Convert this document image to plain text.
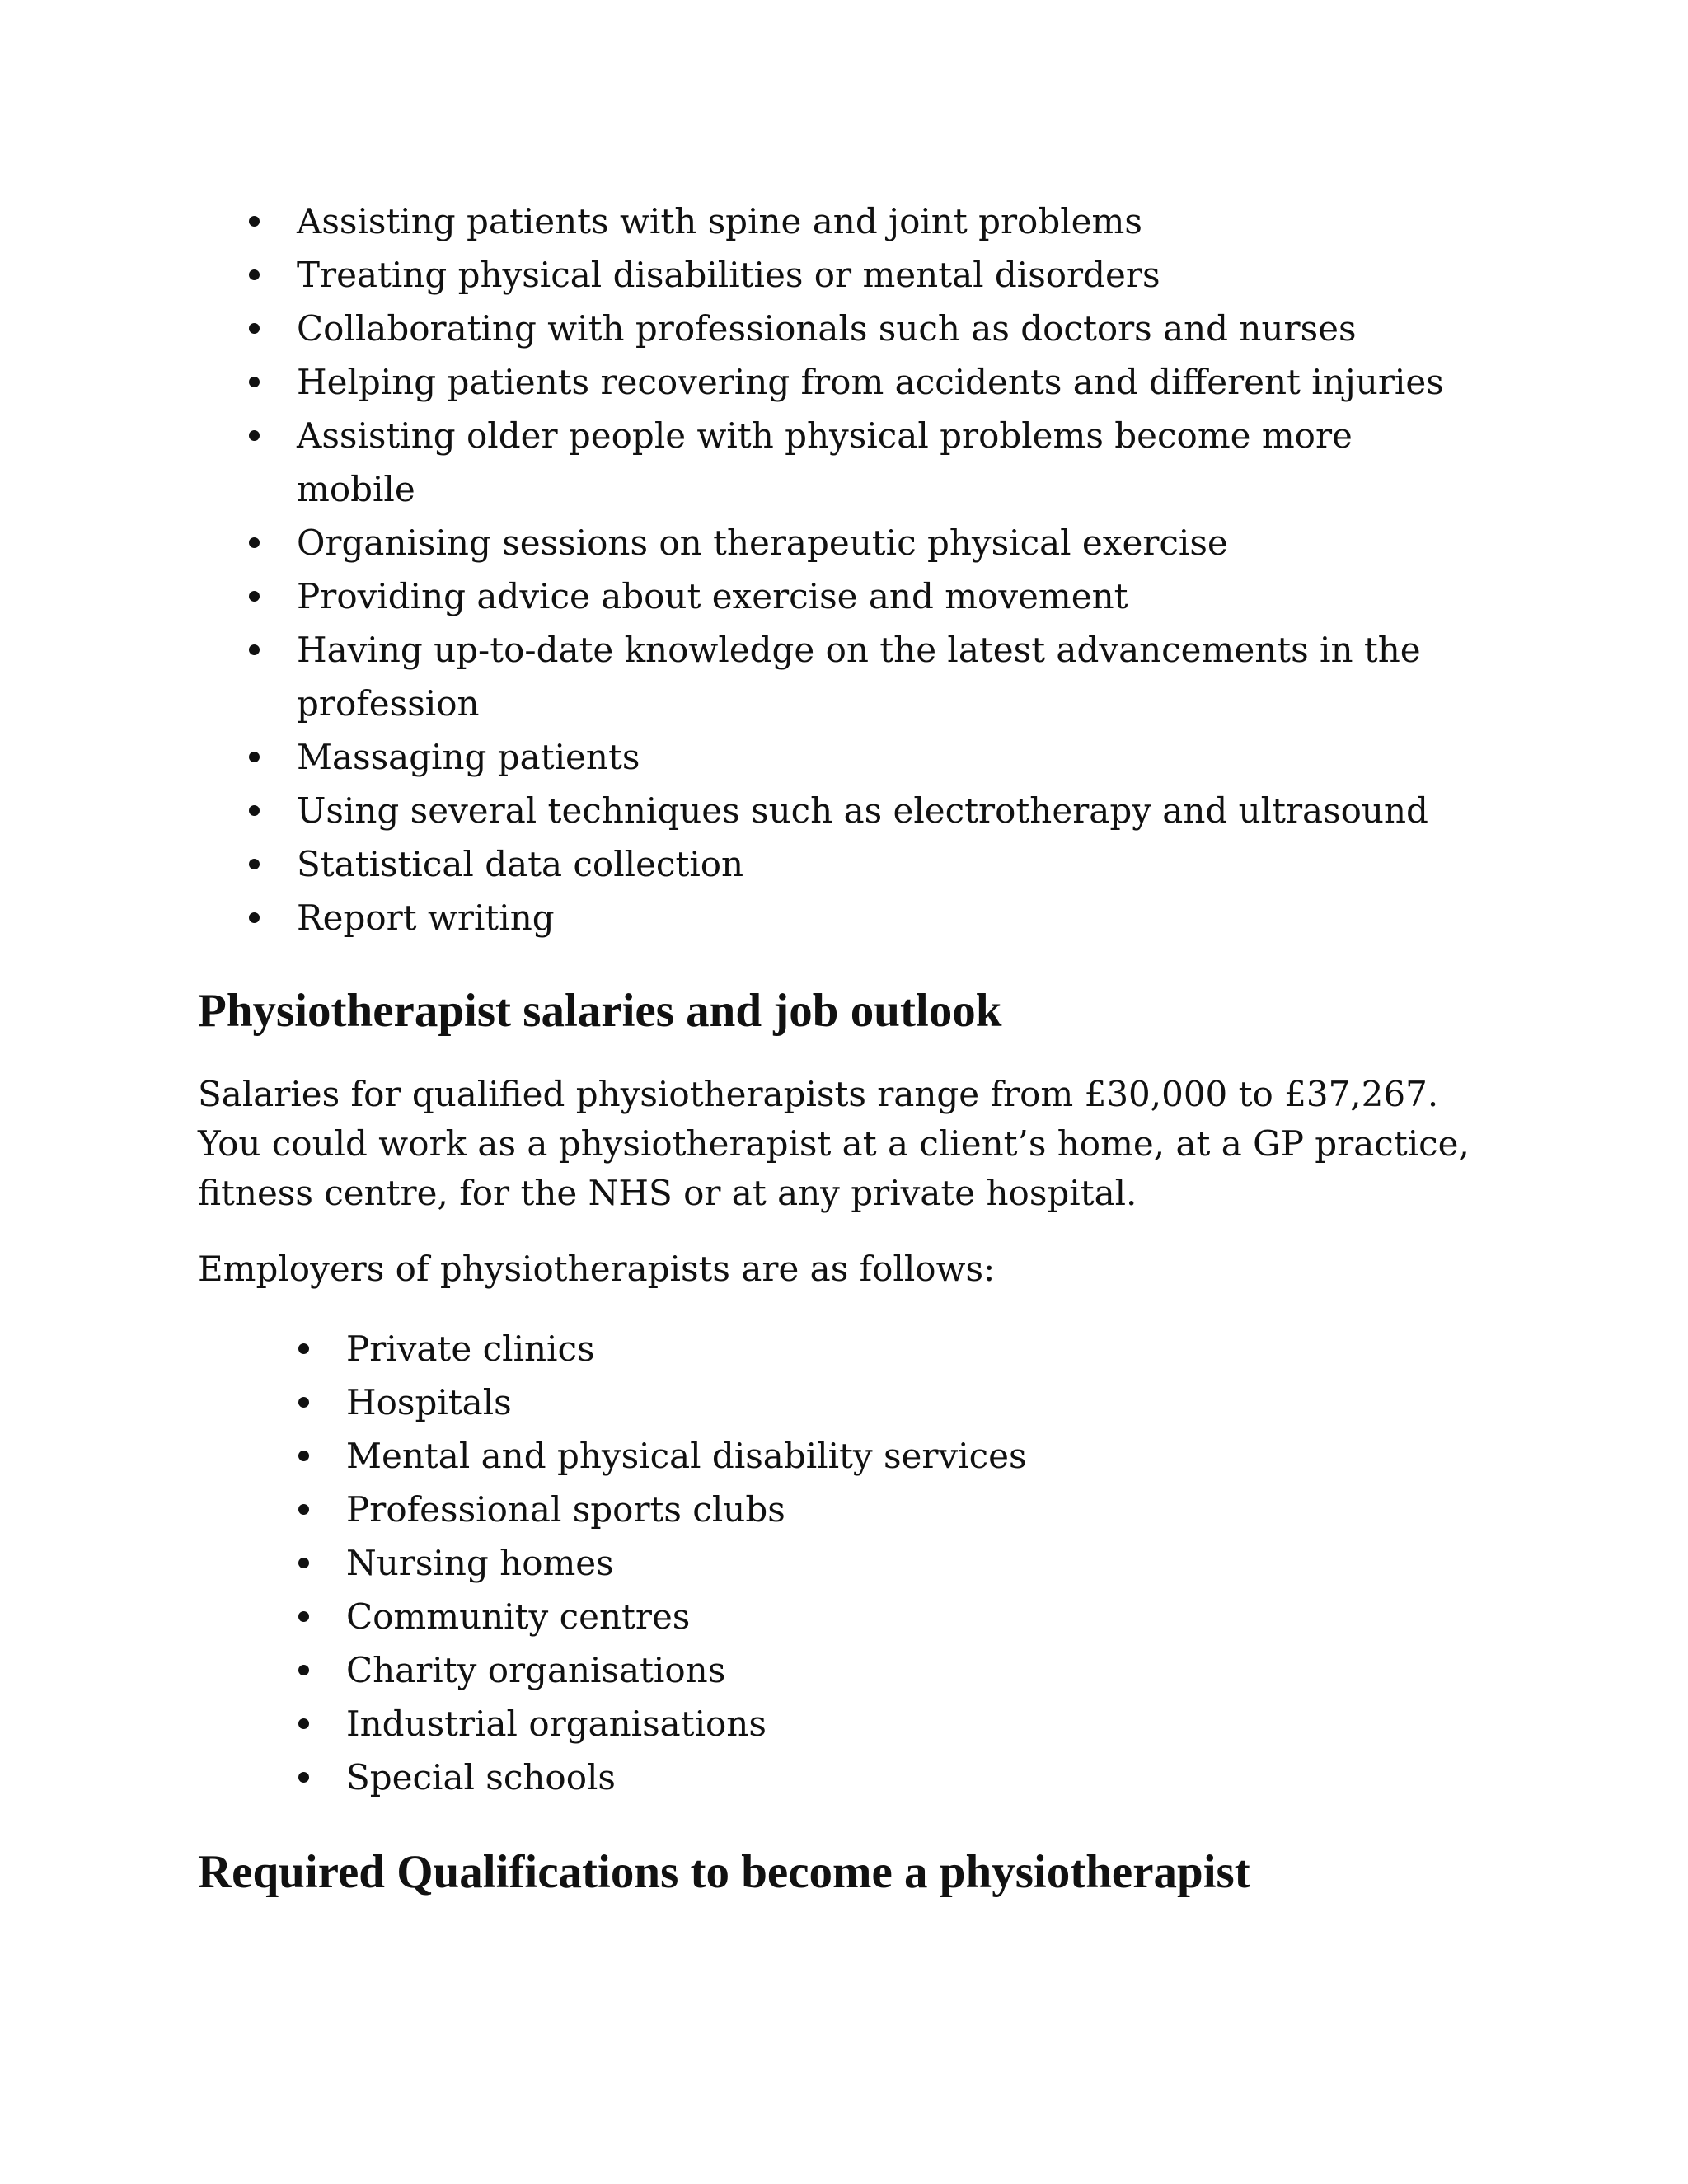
Assisting patients with spine and joint problems
Treating physical disabilities or mental disorders
Collaborating with professionals such as doctors and nurses
Helping patients recovering from accidents and different injuries
Assisting older people with physical problems become more mobile
Organising sessions on therapeutic physical exercise
Providing advice about exercise and movement
Having up-to-date knowledge on the latest advancements in the profession
Massaging patients
Using several techniques such as electrotherapy and ultrasound
Statistical data collection
Report writing
Physiotherapist salaries and job outlook

Salaries for qualified physiotherapists range from £30,000 to £37,267. You could work as a physiotherapist at a client’s home, at a GP practice, fitness centre, for the NHS or at any private hospital.

Employers of physiotherapists are as follows:

Private clinics
Hospitals
Mental and physical disability services
Professional sports clubs
Nursing homes
Community centres
Charity organisations
Industrial organisations
Special schools
Required Qualifications to become a physiotherapist
